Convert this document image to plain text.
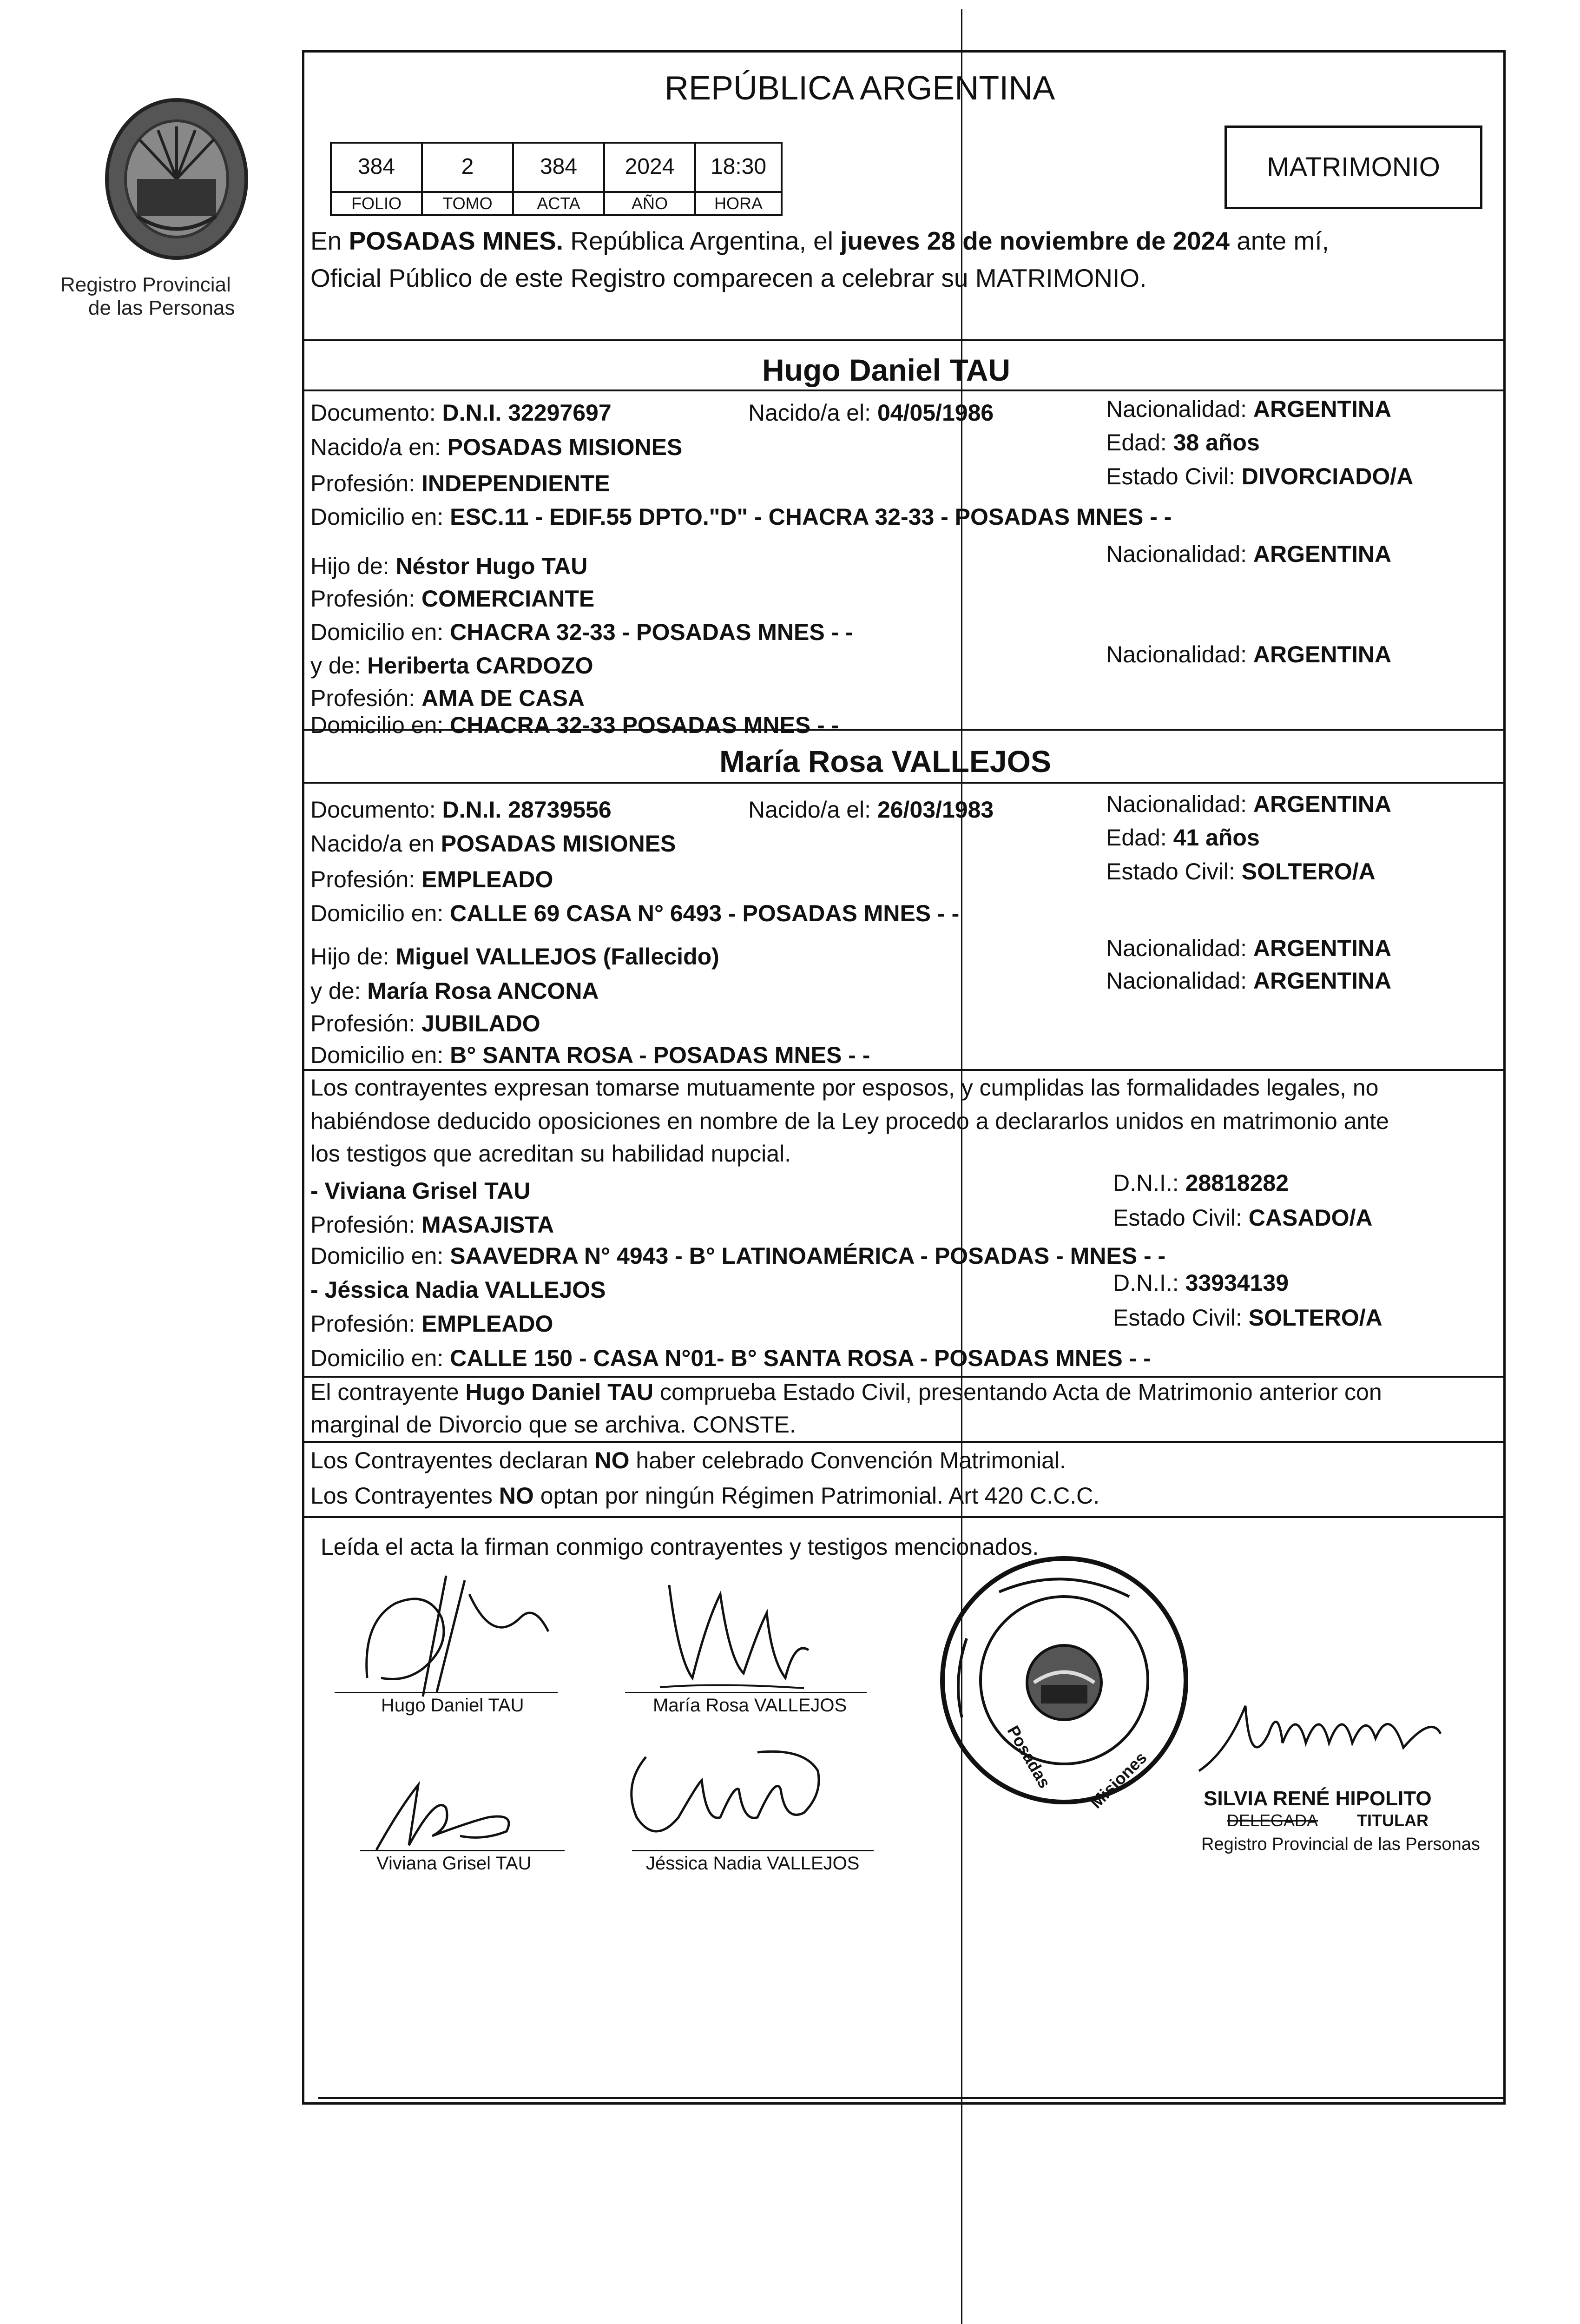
Registro Provincial
de las Personas
REPÚBLICA ARGENTINA
384	2	384	2024	18:30
FOLIO	TOMO	ACTA	AÑO	HORA
MATRIMONIO
En POSADAS MNES. República Argentina, el jueves 28 de noviembre de 2024 ante mí,
Oficial Público de este Registro comparecen a celebrar su MATRIMONIO.
Hugo Daniel TAU
Documento: D.N.I. 32297697	Nacido/a el: 04/05/1986	Nacionalidad: ARGENTINA
Nacido/a en: POSADAS MISIONES	Edad: 38 años
Profesión: INDEPENDIENTE	Estado Civil: DIVORCIADO/A
Domicilio en: ESC.11 - EDIF.55 DPTO."D" - CHACRA 32-33 - POSADAS MNES - -
Hijo de: Néstor Hugo TAU	Nacionalidad: ARGENTINA
Profesión: COMERCIANTE
Domicilio en: CHACRA 32-33 - POSADAS MNES - -
y de: Heriberta CARDOZO	Nacionalidad: ARGENTINA
Profesión: AMA DE CASA
Domicilio en: CHACRA 32-33 POSADAS MNES - -
María Rosa VALLEJOS
Documento: D.N.I. 28739556	Nacido/a el: 26/03/1983	Nacionalidad: ARGENTINA
Nacido/a en POSADAS MISIONES	Edad: 41 años
Profesión: EMPLEADO	Estado Civil: SOLTERO/A
Domicilio en: CALLE 69 CASA N° 6493 - POSADAS MNES - -
Hijo de: Miguel VALLEJOS (Fallecido)	Nacionalidad: ARGENTINA
y de: María Rosa ANCONA	Nacionalidad: ARGENTINA
Profesión: JUBILADO
Domicilio en: B° SANTA ROSA - POSADAS MNES - -
Los contrayentes expresan tomarse mutuamente por esposos, y cumplidas las formalidades legales, no
habiéndose deducido oposiciones en nombre de la Ley procedo a declararlos unidos en matrimonio ante
los testigos que acreditan su habilidad nupcial.
- Viviana Grisel TAU	D.N.I.: 28818282
Profesión: MASAJISTA	Estado Civil: CASADO/A
Domicilio en: SAAVEDRA N° 4943 - B° LATINOAMÉRICA - POSADAS - MNES - -
- Jéssica Nadia VALLEJOS	D.N.I.: 33934139
Profesión: EMPLEADO	Estado Civil: SOLTERO/A
Domicilio en: CALLE 150 - CASA N°01- B° SANTA ROSA - POSADAS MNES - -
El contrayente Hugo Daniel TAU comprueba Estado Civil, presentando Acta de Matrimonio anterior con
marginal de Divorcio que se archiva. CONSTE.
Los Contrayentes declaran NO haber celebrado Convención Matrimonial.
Los Contrayentes NO optan por ningún Régimen Patrimonial. Art 420 C.C.C.
Leída el acta la firman conmigo contrayentes y testigos mencionados.
Hugo Daniel TAU	María Rosa VALLEJOS
Viviana Grisel TAU	Jéssica Nadia VALLEJOS
Posadas Misiones	SILVIA RENÉ HIPOLITO
DELEGADA TITULAR
Registro Provincial de las Personas
